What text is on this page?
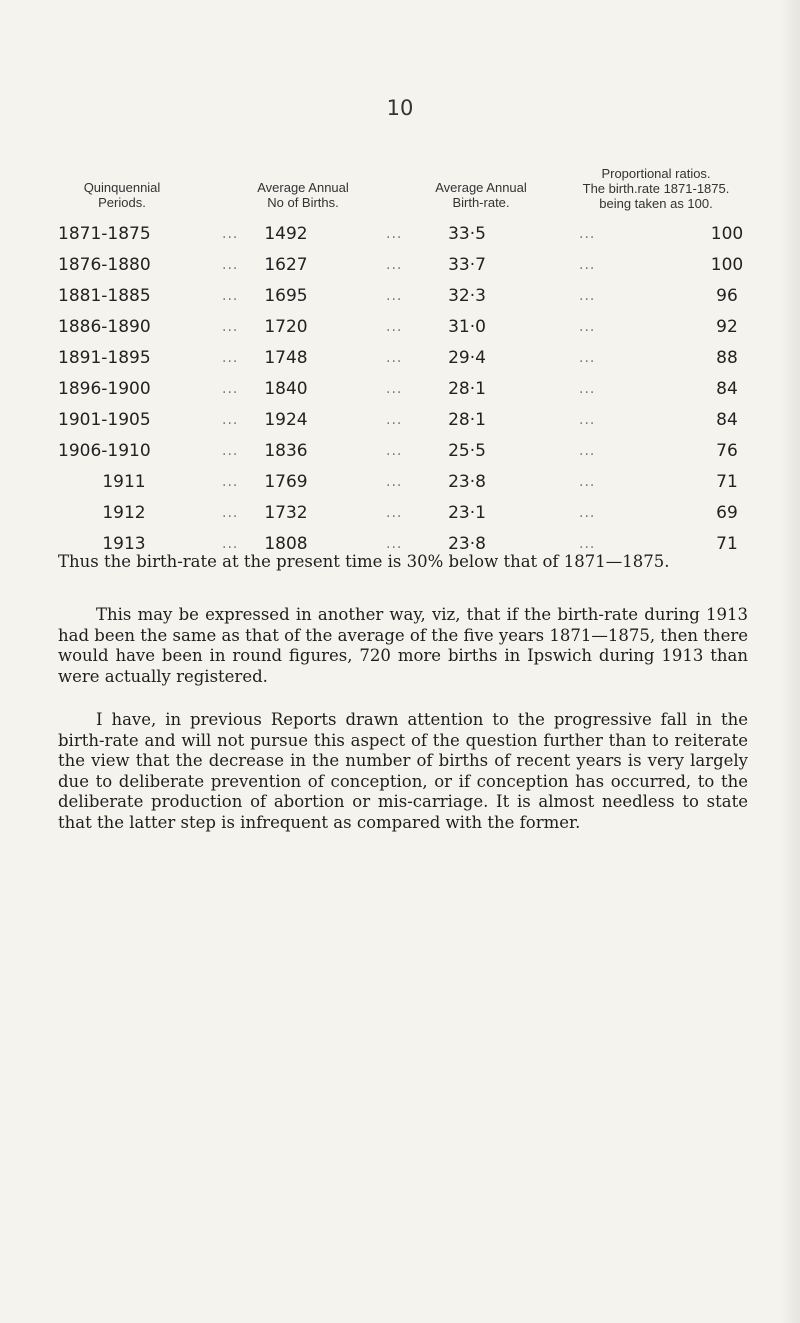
10
Quinquennial
Periods.
Average Annual
No of Births.
Average Annual
Birth-rate.
Proportional ratios.
The birth.rate 1871-1875.
being taken as 100.
1871-1875	...	1492	...	33·5	...	100
1876-1880	...	1627	...	33·7	...	100
1881-1885	...	1695	...	32·3	...	96
1886-1890	...	1720	...	31·0	...	92
1891-1895	...	1748	...	29·4	...	88
1896-1900	...	1840	...	28·1	...	84
1901-1905	...	1924	...	28·1	...	84
1906-1910	...	1836	...	25·5	...	76
1911	...	1769	...	23·8	...	71
1912	...	1732	...	23·1	...	69
1913	...	1808	...	23·8	...	71

Thus the birth-rate at the present time is 30% below that of 1871—1875.

This may be expressed in another way, viz, that if the birth-rate during 1913 had been the same as that of the average of the five years 1871—1875, then there would have been in round figures, 720 more births in Ipswich during 1913 than were actually registered.

I have, in previous Reports drawn attention to the progressive fall in the birth-rate and will not pursue this aspect of the question further than to reiterate the view that the decrease in the number of births of recent years is very largely due to deliberate prevention of conception, or if conception has occurred, to the deliberate production of abortion or mis-carriage. It is almost needless to state that the latter step is infrequent as compared with the former.
